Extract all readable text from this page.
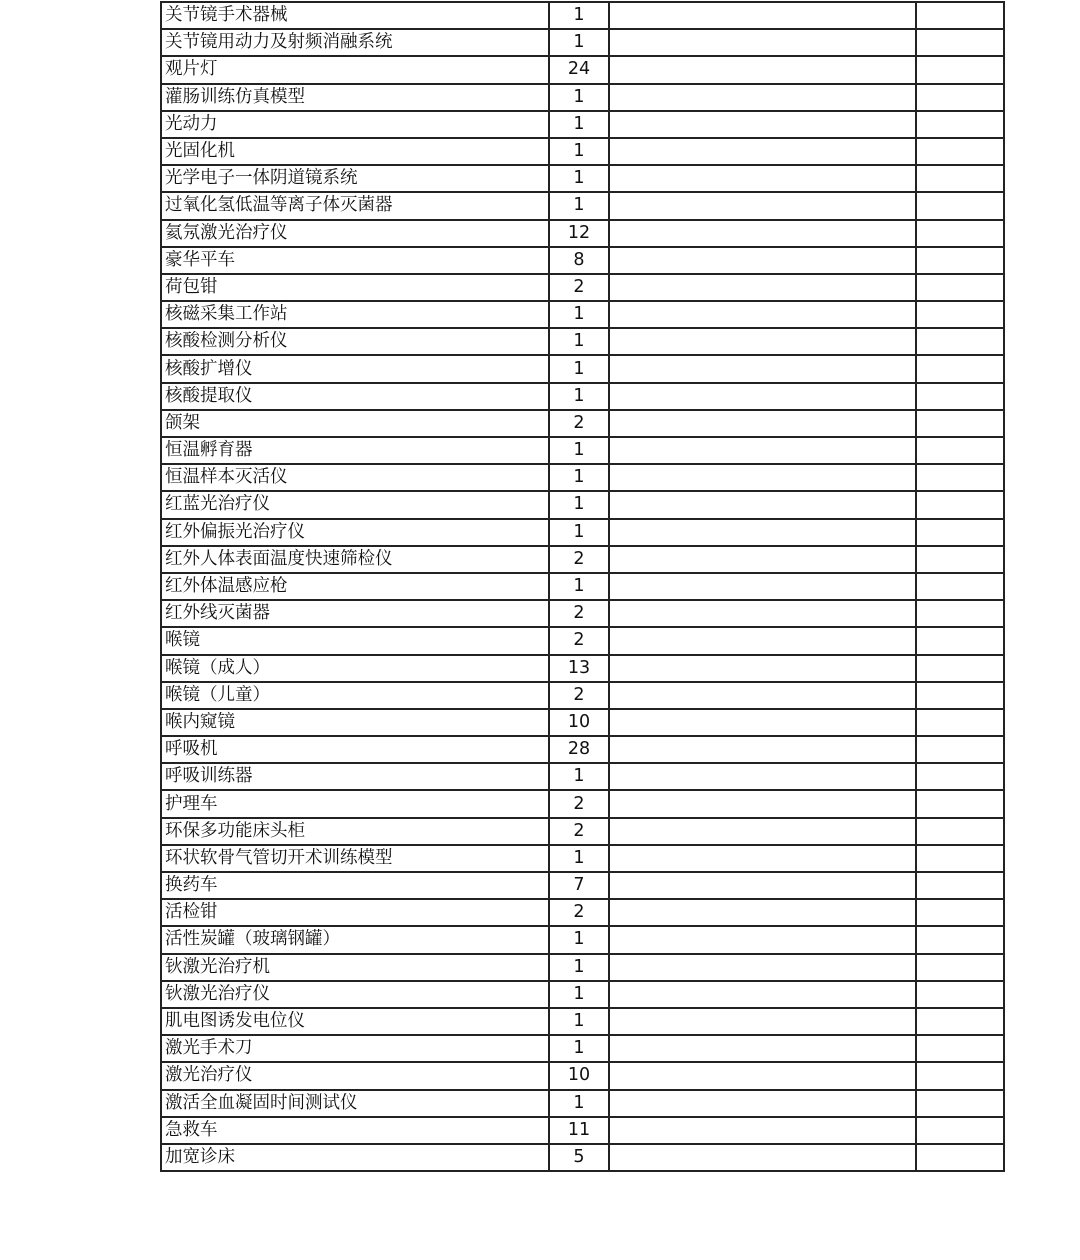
关节镜手术器械	1		
关节镜用动力及射频消融系统	1		
观片灯	24		
灌肠训练仿真模型	1		
光动力	1		
光固化机	1		
光学电子一体阴道镜系统	1		
过氧化氢低温等离子体灭菌器	1		
氦氖激光治疗仪	12		
豪华平车	8		
荷包钳	2		
核磁采集工作站	1		
核酸检测分析仪	1		
核酸扩增仪	1		
核酸提取仪	1		
颌架	2		
恒温孵育器	1		
恒温样本灭活仪	1		
红蓝光治疗仪	1		
红外偏振光治疗仪	1		
红外人体表面温度快速筛检仪	2		
红外体温感应枪	1		
红外线灭菌器	2		
喉镜	2		
喉镜（成人）	13		
喉镜（儿童）	2		
喉内窥镜	10		
呼吸机	28		
呼吸训练器	1		
护理车	2		
环保多功能床头柜	2		
环状软骨气管切开术训练模型	1		
换药车	7		
活检钳	2		
活性炭罐（玻璃钢罐）	1		
钬激光治疗机	1		
钬激光治疗仪	1		
肌电图诱发电位仪	1		
激光手术刀	1		
激光治疗仪	10		
激活全血凝固时间测试仪	1		
急救车	11		
加宽诊床	5		
